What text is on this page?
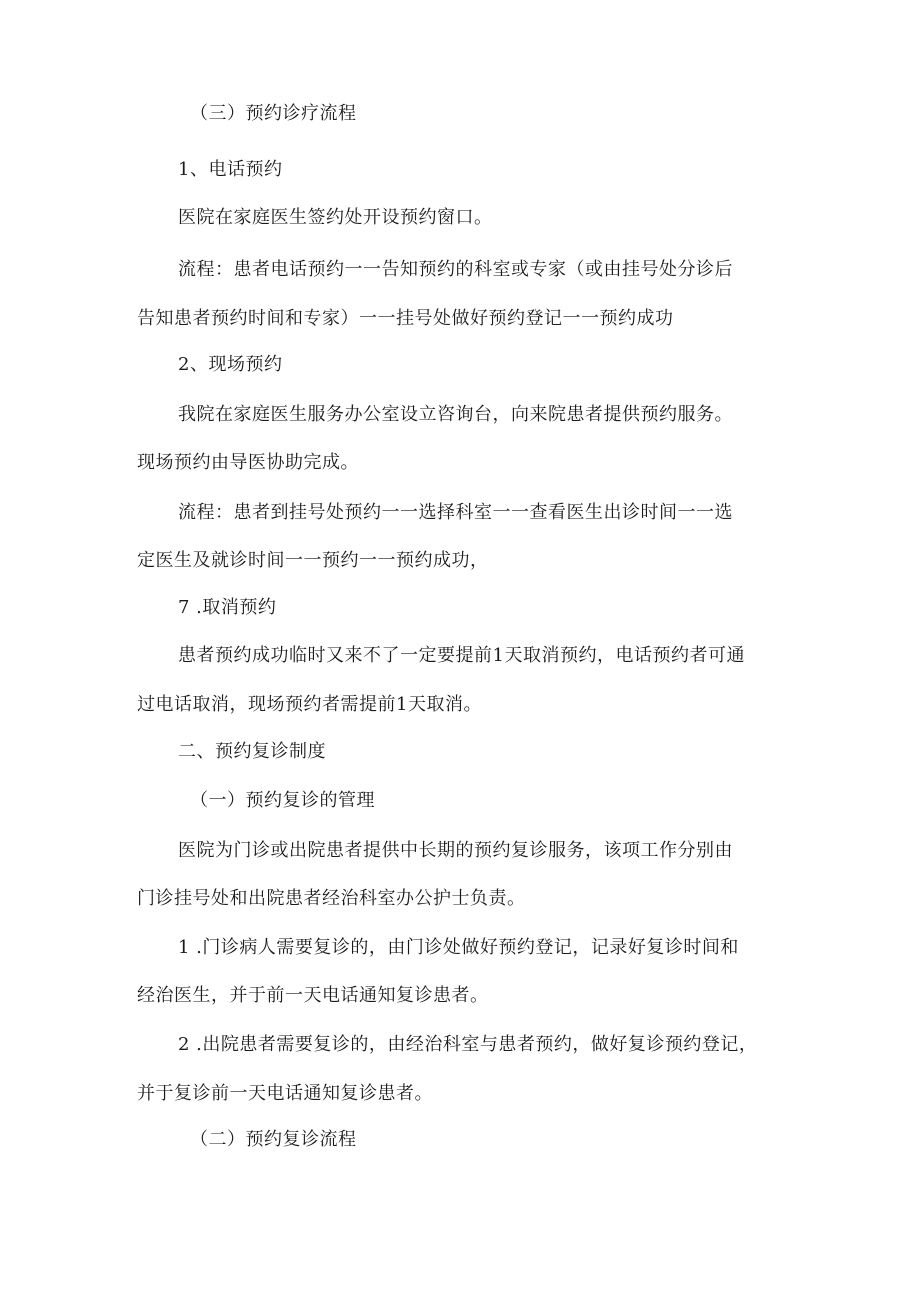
（三）预约诊疗流程
1、电话预约
医院在家庭医生签约处开设预约窗口。
流程：患者电话预约一一告知预约的科室或专家（或由挂号处分诊后
告知患者预约时间和专家）一一挂号处做好预约登记一一预约成功
2、现场预约
我院在家庭医生服务办公室设立咨询台，向来院患者提供预约服务。
现场预约由导医协助完成。
流程：患者到挂号处预约一一选择科室一一查看医生出诊时间一一选
定医生及就诊时间一一预约一一预约成功，
7 .取消预约
患者预约成功临时又来不了一定要提前1天取消预约，电话预约者可通
过电话取消，现场预约者需提前1天取消。
二、预约复诊制度
（一）预约复诊的管理
医院为门诊或出院患者提供中长期的预约复诊服务，该项工作分别由
门诊挂号处和出院患者经治科室办公护士负责。
1 .门诊病人需要复诊的，由门诊处做好预约登记，记录好复诊时间和
经治医生，并于前一天电话通知复诊患者。
2 .出院患者需要复诊的，由经治科室与患者预约，做好复诊预约登记，
并于复诊前一天电话通知复诊患者。
（二）预约复诊流程
